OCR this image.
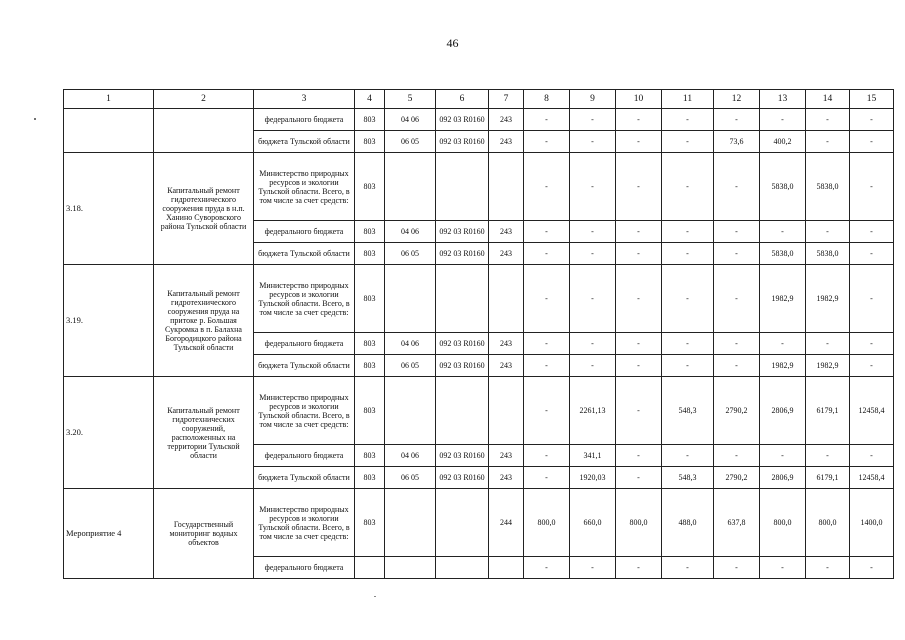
46
1	2	3	4	5	6	7	8	9	10	11	12	13	14	15
		федерального бюджета	803	04 06	092 03 R0160	243	-	-	-	-	-	-	-	-
		бюджета Тульской области	803	06 05	092 03 R0160	243	-	-	-	-	73,6	400,2	-	-
3.18.	Капитальный ремонт гидротехнического сооружения пруда в н.п. Ханино Суворовского района Тульской области	Министерство природных ресурсов и экологии Тульской области. Всего, в том числе за счет средств:	803				-	-	-	-	-	5838,0	5838,0	-
		федерального бюджета	803	04 06	092 03 R0160	243	-	-	-	-	-	-	-	-
		бюджета Тульской области	803	06 05	092 03 R0160	243	-	-	-	-	-	5838,0	5838,0	-
3.19.	Капитальный ремонт гидротехнического сооружения пруда на притоке р. Большая Сукромка в п. Балахна Богородицкого района Тульской области	Министерство природных ресурсов и экологии Тульской области. Всего, в том числе за счет средств:	803				-	-	-	-	-	1982,9	1982,9	-
		федерального бюджета	803	04 06	092 03 R0160	243	-	-	-	-	-	-	-	-
		бюджета Тульской области	803	06 05	092 03 R0160	243	-	-	-	-	-	1982,9	1982,9	-
3.20.	Капитальный ремонт гидротехнических сооружений, расположенных на территории Тульской области	Министерство природных ресурсов и экологии Тульской области. Всего, в том числе за счет средств:	803				-	2261,13	-	548,3	2790,2	2806,9	6179,1	12458,4
		федерального бюджета	803	04 06	092 03 R0160	243	-	341,1	-	-	-	-	-	-
		бюджета Тульской области	803	06 05	092 03 R0160	243	-	1920,03	-	548,3	2790,2	2806,9	6179,1	12458,4
Мероприятие 4	Государственный мониторинг водных объектов	Министерство природных ресурсов и экологии Тульской области. Всего, в том числе за счет средств:	803			244	800,0	660,0	800,0	488,0	637,8	800,0	800,0	1400,0
		федерального бюджета					-	-	-	-	-	-	-	-
